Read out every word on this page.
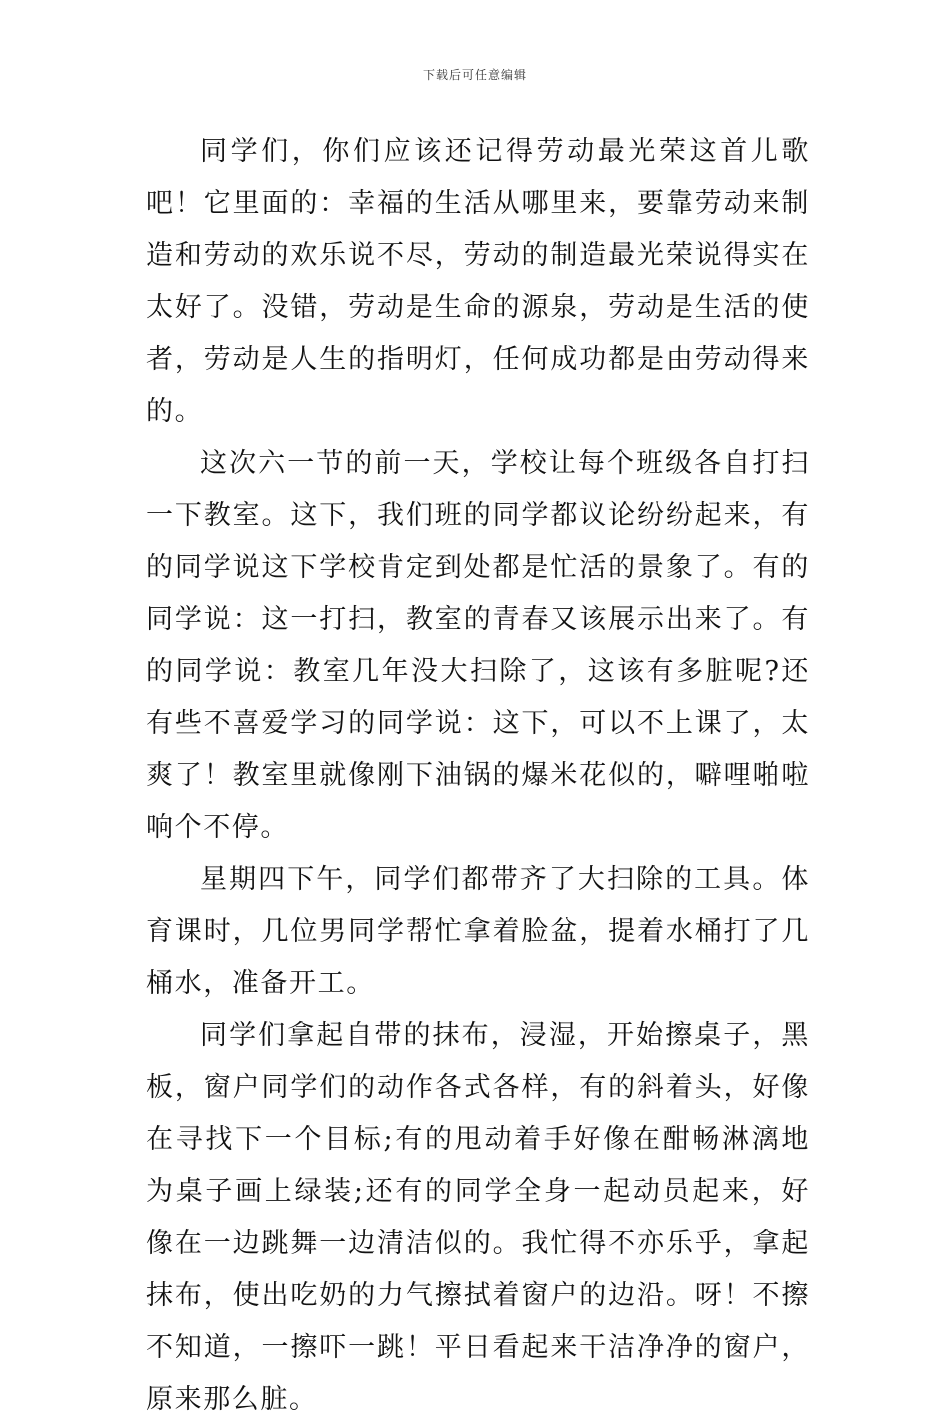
下载后可任意编辑

同学们，你们应该还记得劳动最光荣这首儿歌吧！它里面的：幸福的生活从哪里来，要靠劳动来制造和劳动的欢乐说不尽，劳动的制造最光荣说得实在太好了。没错，劳动是生命的源泉，劳动是生活的使者，劳动是人生的指明灯，任何成功都是由劳动得来的。

这次六一节的前一天，学校让每个班级各自打扫一下教室。这下，我们班的同学都议论纷纷起来，有的同学说这下学校肯定到处都是忙活的景象了。有的同学说：这一打扫，教室的青春又该展示出来了。有的同学说：教室几年没大扫除了，这该有多脏呢?还有些不喜爱学习的同学说：这下，可以不上课了，太爽了！教室里就像刚下油锅的爆米花似的，噼哩啪啦响个不停。

星期四下午，同学们都带齐了大扫除的工具。体育课时，几位男同学帮忙拿着脸盆，提着水桶打了几桶水，准备开工。

同学们拿起自带的抹布，浸湿，开始擦桌子，黑板，窗户同学们的动作各式各样，有的斜着头，好像在寻找下一个目标;有的甩动着手好像在酣畅淋漓地为桌子画上绿装;还有的同学全身一起动员起来，好像在一边跳舞一边清洁似的。我忙得不亦乐乎，拿起抹布，使出吃奶的力气擦拭着窗户的边沿。呀！不擦不知道，一擦吓一跳！平日看起来干洁净净的窗户，原来那么脏。
